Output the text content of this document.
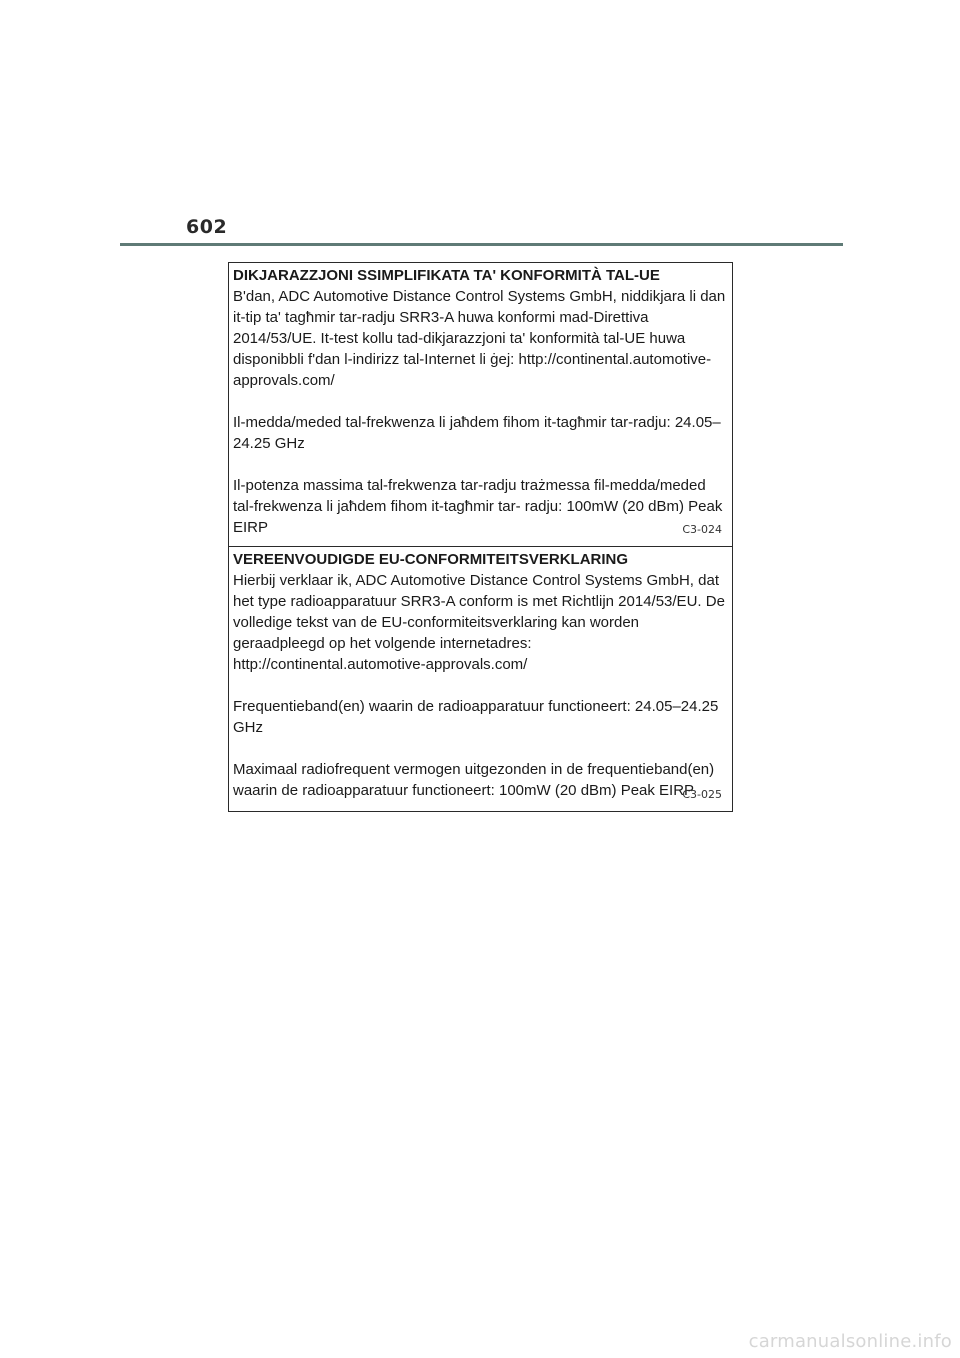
602
DIKJARAZZJONI SSIMPLIFIKATA TA' KONFORMITÀ TAL-UE

B'dan, ADC Automotive Distance Control Systems GmbH, niddikjara li dan it-tip ta' tagħmir tar-radju SRR3-A huwa konformi mad-Direttiva 2014/53/UE. It-test kollu tad-dikjarazzjoni ta' konformità tal-UE huwa disponibbli f'dan l-indirizz tal-Internet li ġej: http://continental.automotive-approvals.com/

Il-medda/meded tal-frekwenza li jaħdem fihom it-tagħmir tar-radju: 24.05–24.25 GHz

Il-potenza massima tal-frekwenza tar-radju trażmessa fil-medda/meded tal-frekwenza li jaħdem fihom it-tagħmir tar- radju: 100mW (20 dBm) Peak EIRP	C3-024
VEREENVOUDIGDE EU-CONFORMITEITSVERKLARING

Hierbij verklaar ik, ADC Automotive Distance Control Systems GmbH, dat het type radioapparatuur SRR3-A conform is met Richtlijn 2014/53/EU. De volledige tekst van de EU-conformiteitsverklaring kan worden geraadpleegd op het volgende internetadres: http://continental.automotive-approvals.com/

Frequentieband(en) waarin de radioapparatuur functioneert: 24.05–24.25 GHz

Maximaal radiofrequent vermogen uitgezonden in de frequentieband(en) waarin de radioapparatuur functioneert: 100mW (20 dBm) Peak EIRP

C3-025
carmanualsonline.info
